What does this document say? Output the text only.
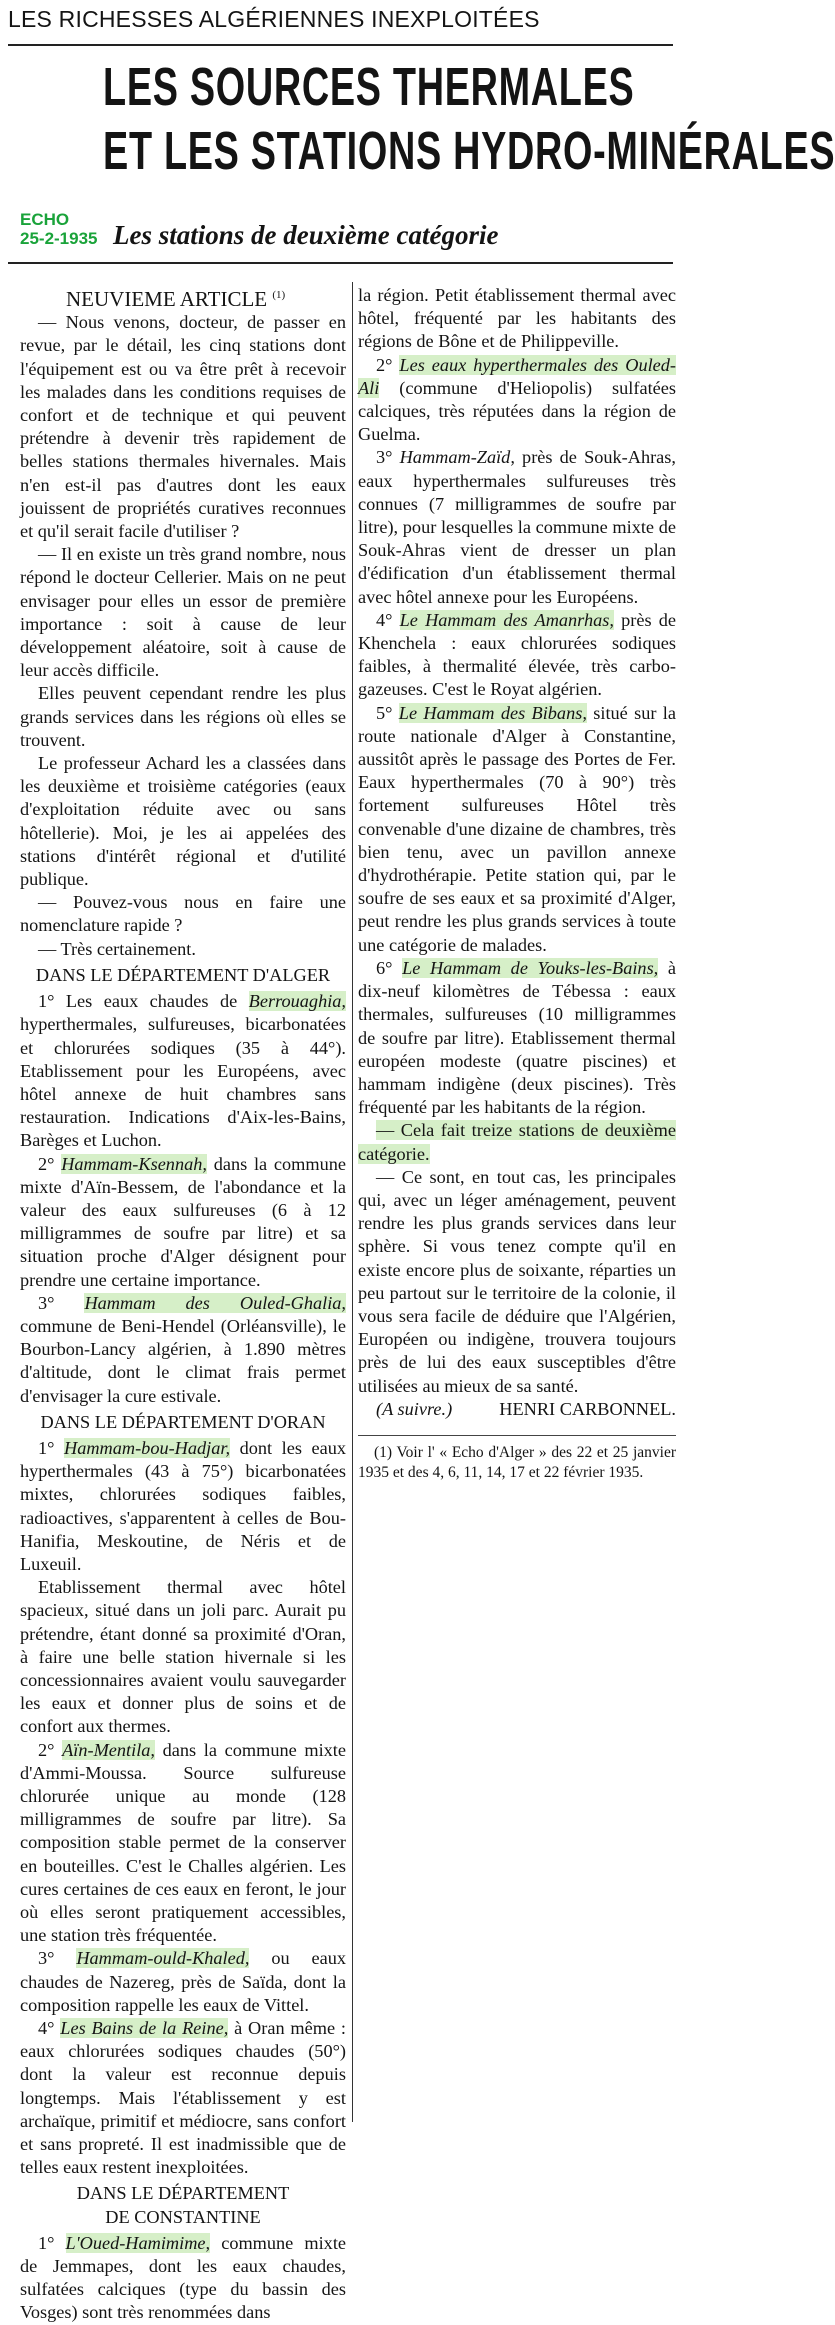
LES RICHESSES ALGÉRIENNES INEXPLOITÉES
LES SOURCES THERMALES
ET LES STATIONS HYDRO-MINÉRALES
ECHO
25-2-1935 Les stations de deuxième catégorie

NEUVIEME ARTICLE $^{(1)}$

— Nous venons, docteur, de passer en revue, par le détail, les cinq stations dont l'équipement est ou va être prêt à recevoir les malades dans les conditions requises de confort et de technique et qui peuvent prétendre à devenir très rapidement de belles stations thermales hivernales. Mais n'en est-il pas d'autres dont les eaux jouissent de propriétés curatives reconnues et qu'il serait facile d'utiliser ?

— Il en existe un très grand nombre, nous répond le docteur Cellerier. Mais on ne peut envisager pour elles un essor de première importance : soit à cause de leur développement aléatoire, soit à cause de leur accès difficile.

Elles peuvent cependant rendre les plus grands services dans les régions où elles se trouvent.

Le professeur Achard les a classées dans les deuxième et troisième catégories (eaux d'exploitation réduite avec ou sans hôtellerie). Moi, je les ai appelées des stations d'intérêt régional et d'utilité publique.

— Pouvez-vous nous en faire une nomenclature rapide ?

— Très certainement.

DANS LE DÉPARTEMENT D'ALGER

1° Les eaux chaudes de Berrouaghia, hyperthermales, sulfureuses, bicarbonatées et chlorurées sodiques (35 à 44°). Etablissement pour les Européens, avec hôtel annexe de huit chambres sans restauration. Indications d'Aix-les-Bains, Barèges et Luchon.

2° Hammam-Ksennah, dans la commune mixte d'Aïn-Bessem, de l'abondance et la valeur des eaux sulfureuses (6 à 12 milligrammes de soufre par litre) et sa situation proche d'Alger désignent pour prendre une certaine importance.

3° Hammam des Ouled-Ghalia, commune de Beni-Hendel (Orléansville), le Bourbon-Lancy algérien, à 1.890 mètres d'altitude, dont le climat frais permet d'envisager la cure estivale.

DANS LE DÉPARTEMENT D'ORAN

1° Hammam-bou-Hadjar, dont les eaux hyperthermales (43 à 75°) bicarbonatées mixtes, chlorurées sodiques faibles, radioactives, s'apparentent à celles de Bou-Hanifia, Meskoutine, de Néris et de Luxeuil.

Etablissement thermal avec hôtel spacieux, situé dans un joli parc. Aurait pu prétendre, étant donné sa proximité d'Oran, à faire une belle station hivernale si les concessionnaires avaient voulu sauvegarder les eaux et donner plus de soins et de confort aux thermes.

2° Aïn-Mentila, dans la commune mixte d'Ammi-Moussa. Source sulfureuse chlorurée unique au monde (128 milligrammes de soufre par litre). Sa composition stable permet de la conserver en bouteilles. C'est le Challes algérien. Les cures certaines de ces eaux en feront, le jour où elles seront pratiquement accessibles, une station très fréquentée.

3° Hammam-ould-Khaled, ou eaux chaudes de Nazereg, près de Saïda, dont la composition rappelle les eaux de Vittel.

4° Les Bains de la Reine, à Oran même : eaux chlorurées sodiques chaudes (50°) dont la valeur est reconnue depuis longtemps. Mais l'établissement y est archaïque, primitif et médiocre, sans confort et sans propreté. Il est inadmissible que de telles eaux restent inexploitées.

DANS LE DÉPARTEMENT
DE CONSTANTINE

1° L'Oued-Hamimime, commune mixte de Jemmapes, dont les eaux chaudes, sulfatées calciques (type du bassin des Vosges) sont très renommées dans

la région. Petit établissement thermal avec hôtel, fréquenté par les habitants des régions de Bône et de Philippeville.

2° Les eaux hyperthermales des Ouled-Ali (commune d'Heliopolis) sulfatées calciques, très réputées dans la région de Guelma.

3° Hammam-Zaïd, près de Souk-Ahras, eaux hyperthermales sulfureuses très connues (7 milligrammes de soufre par litre), pour lesquelles la commune mixte de Souk-Ahras vient de dresser un plan d'édification d'un établissement thermal avec hôtel annexe pour les Européens.

4° Le Hammam des Amanrhas, près de Khenchela : eaux chlorurées sodiques faibles, à thermalité élevée, très carbo-gazeuses. C'est le Royat algérien.

5° Le Hammam des Bibans, situé sur la route nationale d'Alger à Constantine, aussitôt après le passage des Portes de Fer. Eaux hyperthermales (70 à 90°) très fortement sulfureuses Hôtel très convenable d'une dizaine de chambres, très bien tenu, avec un pavillon annexe d'hydrothérapie. Petite station qui, par le soufre de ses eaux et sa proximité d'Alger, peut rendre les plus grands services à toute une catégorie de malades.

6° Le Hammam de Youks-les-Bains, à dix-neuf kilomètres de Tébessa : eaux thermales, sulfureuses (10 milligrammes de soufre par litre). Etablissement thermal européen modeste (quatre piscines) et hammam indigène (deux piscines). Très fréquenté par les habitants de la région.

— Cela fait treize stations de deuxième catégorie.

— Ce sont, en tout cas, les principales qui, avec un léger aménagement, peuvent rendre les plus grands services dans leur sphère. Si vous tenez compte qu'il en existe encore plus de soixante, réparties un peu partout sur le territoire de la colonie, il vous sera facile de déduire que l'Algérien, Européen ou indigène, trouvera toujours près de lui des eaux susceptibles d'être utilisées au mieux de sa santé.

(A suivre.)	HENRI CARBONNEL.

(1) Voir l' « Echo d'Alger » des 22 et 25 janvier 1935 et des 4, 6, 11, 14, 17 et 22 février 1935.
